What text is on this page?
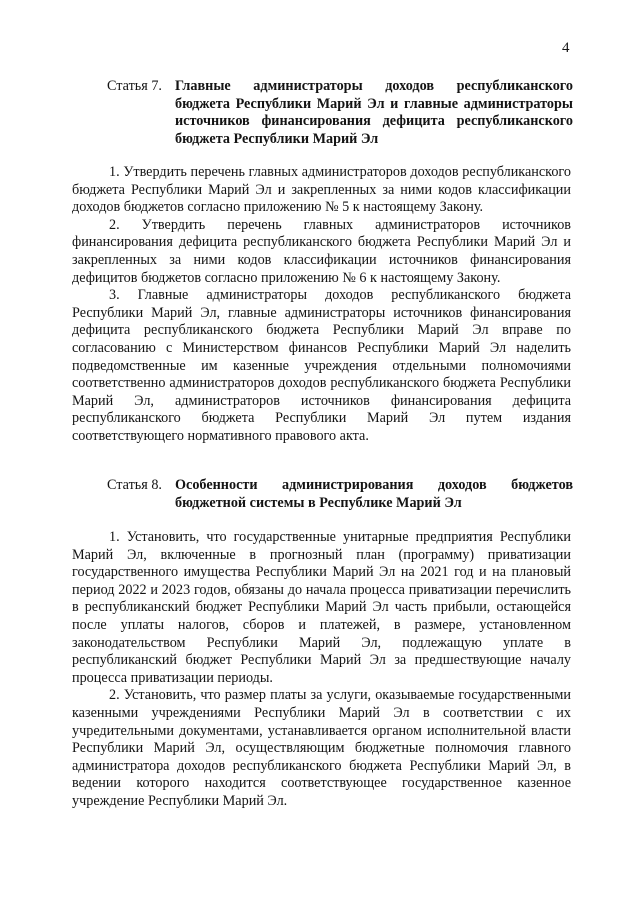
4
Статья 7. Главные администраторы доходов республиканского бюджета Республики Марий Эл и главные администраторы источников финансирования дефицита республиканского бюджета Республики Марий Эл

1. Утвердить перечень главных администраторов доходов республиканского бюджета Республики Марий Эл и закрепленных за ними кодов классификации доходов бюджетов согласно приложению № 5 к настоящему Закону.

2. Утвердить перечень главных администраторов источников финансирования дефицита республиканского бюджета Республики Марий Эл и закрепленных за ними кодов классификации источников финансирования дефицитов бюджетов согласно приложению № 6 к настоящему Закону.

3. Главные администраторы доходов республиканского бюджета Республики Марий Эл, главные администраторы источников финансирования дефицита республиканского бюджета Республики Марий Эл вправе по согласованию с Министерством финансов Республики Марий Эл наделить подведомственные им казенные учреждения отдельными полномочиями соответственно администраторов доходов республиканского бюджета Республики Марий Эл, администраторов источников финансирования дефицита республиканского бюджета Республики Марий Эл путем издания соответствующего нормативного правового акта.

Статья 8. Особенности администрирования доходов бюджетов бюджетной системы в Республике Марий Эл

1. Установить, что государственные унитарные предприятия Республики Марий Эл, включенные в прогнозный план (программу) приватизации государственного имущества Республики Марий Эл на 2021 год и на плановый период 2022 и 2023 годов, обязаны до начала процесса приватизации перечислить в республиканский бюджет Республики Марий Эл часть прибыли, остающейся после уплаты налогов, сборов и платежей, в размере, установленном законодательством Республики Марий Эл, подлежащую уплате в республиканский бюджет Республики Марий Эл за предшествующие началу процесса приватизации периоды.

2. Установить, что размер платы за услуги, оказываемые государственными казенными учреждениями Республики Марий Эл в соответствии с их учредительными документами, устанавливается органом исполнительной власти Республики Марий Эл, осуществляющим бюджетные полномочия главного администратора доходов республиканского бюджета Республики Марий Эл, в ведении которого находится соответствующее государственное казенное учреждение Республики Марий Эл.
